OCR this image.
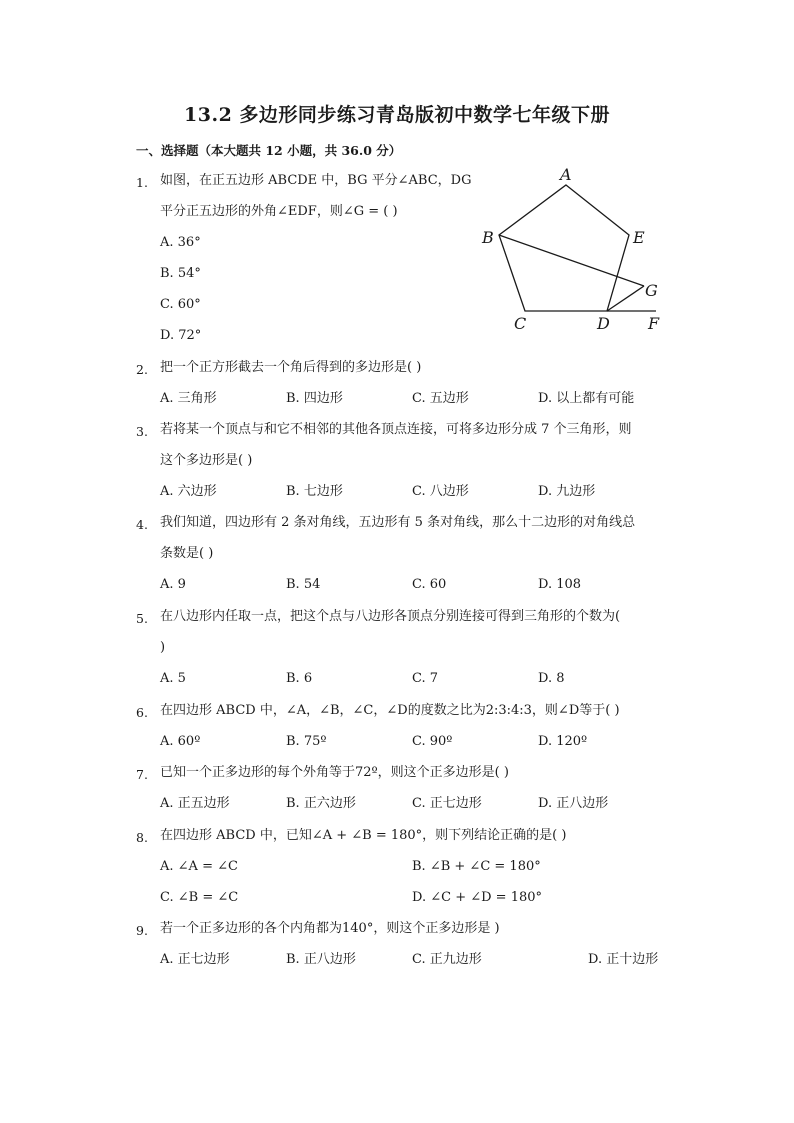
13.2 多边形同步练习青岛版初中数学七年级下册
一、选择题（本大题共 12 小题，共 36.0 分）
1. 如图，在正五边形 ABCDE 中，BG 平分∠ABC，DG
平分正五边形的外角∠EDF，则∠G = ( )
A. 36°
B. 54°
C. 60°
D. 72°
A
B	E
G
C	D F
2. 把一个正方形截去一个角后得到的多边形是( )
A. 三角形	B. 四边形	C. 五边形	D. 以上都有可能
3. 若将某一个顶点与和它不相邻的其他各顶点连接，可将多边形分成 7 个三角形，则
这个多边形是( )
A. 六边形	B. 七边形	C. 八边形	D. 九边形
4. 我们知道，四边形有 2 条对角线，五边形有 5 条对角线，那么十二边形的对角线总
条数是( )
A. 9	B. 54	C. 60	D. 108
5. 在八边形内任取一点，把这个点与八边形各顶点分别连接可得到三角形的个数为(
)
A. 5	B. 6	C. 7	D. 8
6. 在四边形 ABCD 中，∠A，∠B，∠C，∠D的度数之比为2:3:4:3，则∠D等于( )
A. 60º	B. 75º	C. 90º	D. 120º
7. 已知一个正多边形的每个外角等于72º，则这个正多边形是( )
A. 正五边形	B. 正六边形	C. 正七边形	D. 正八边形
8. 在四边形 ABCD 中，已知∠A + ∠B = 180°，则下列结论正确的是( )
A. ∠A = ∠C	B. ∠B + ∠C = 180°
C. ∠B = ∠C	D. ∠C + ∠D = 180°
9. 若一个正多边形的各个内角都为140°，则这个正多边形是 )
A. 正七边形	B. 正八边形	C. 正九边形	D. 正十边形
